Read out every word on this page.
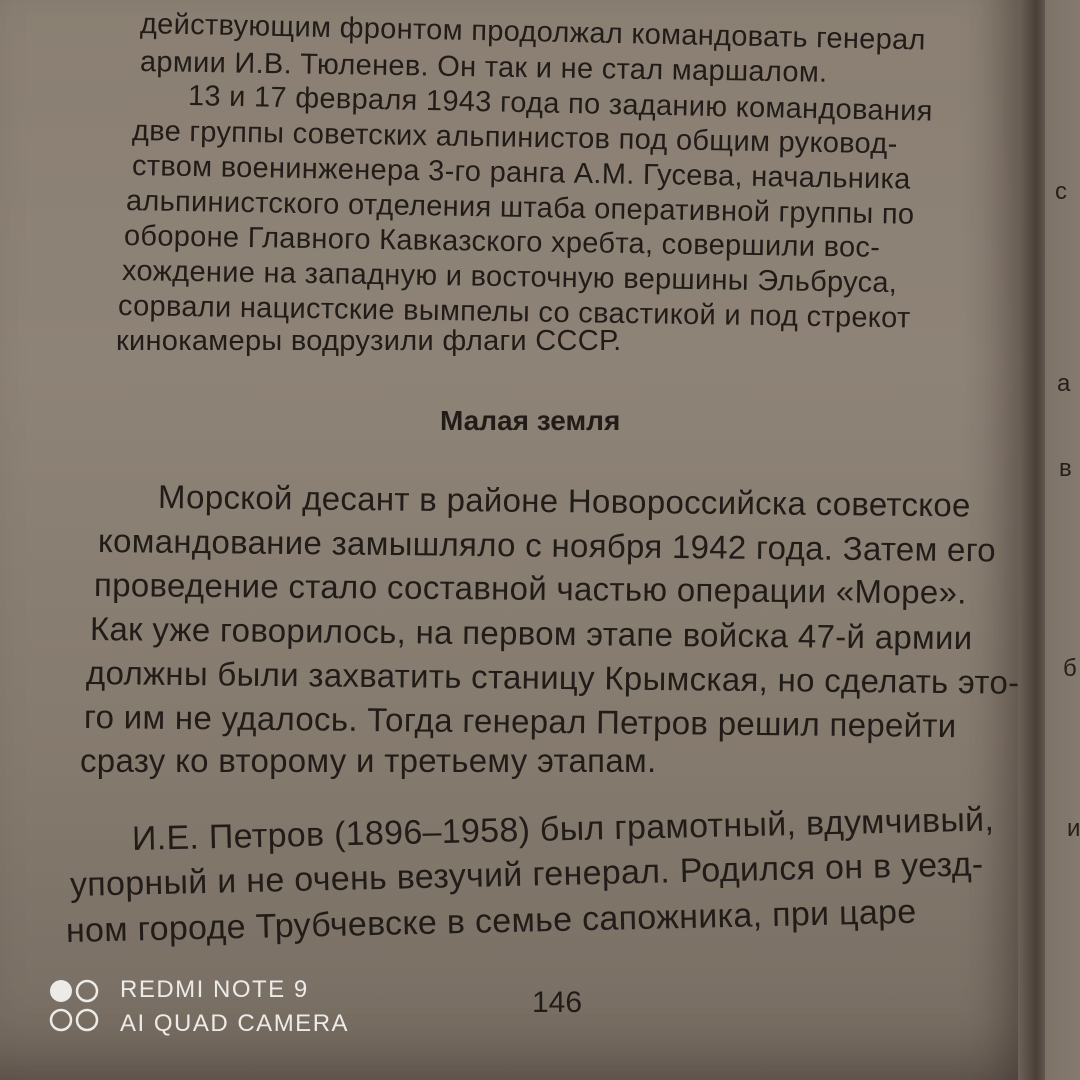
c
a
в
б
и
действующим фронтом продолжал командовать генерал
армии И.В. Тюленев. Он так и не стал маршалом.
13 и 17 февраля 1943 года по заданию командования
две группы советских альпинистов под общим руковод-
ством военинженера 3-го ранга А.М. Гусева, начальника
альпинистского отделения штаба оперативной группы по
обороне Главного Кавказского хребта, совершили вос-
хождение на западную и восточную вершины Эльбруса,
сорвали нацистские вымпелы со свастикой и под стрекот
кинокамеры водрузили флаги СССР.
Малая земля
Морской десант в районе Новороссийска советское
командование замышляло с ноября 1942 года. Затем его
проведение стало составной частью операции «Море».
Как уже говорилось, на первом этапе войска 47-й армии
должны были захватить станицу Крымская, но сделать это-
го им не удалось. Тогда генерал Петров решил перейти
сразу ко второму и третьему этапам.
И.Е. Петров (1896–1958) был грамотный, вдумчивый,
упорный и не очень везучий генерал. Родился он в уезд-
ном городе Трубчевске в семье сапожника, при царе
146
REDMI NOTE 9
AI QUAD CAMERA
